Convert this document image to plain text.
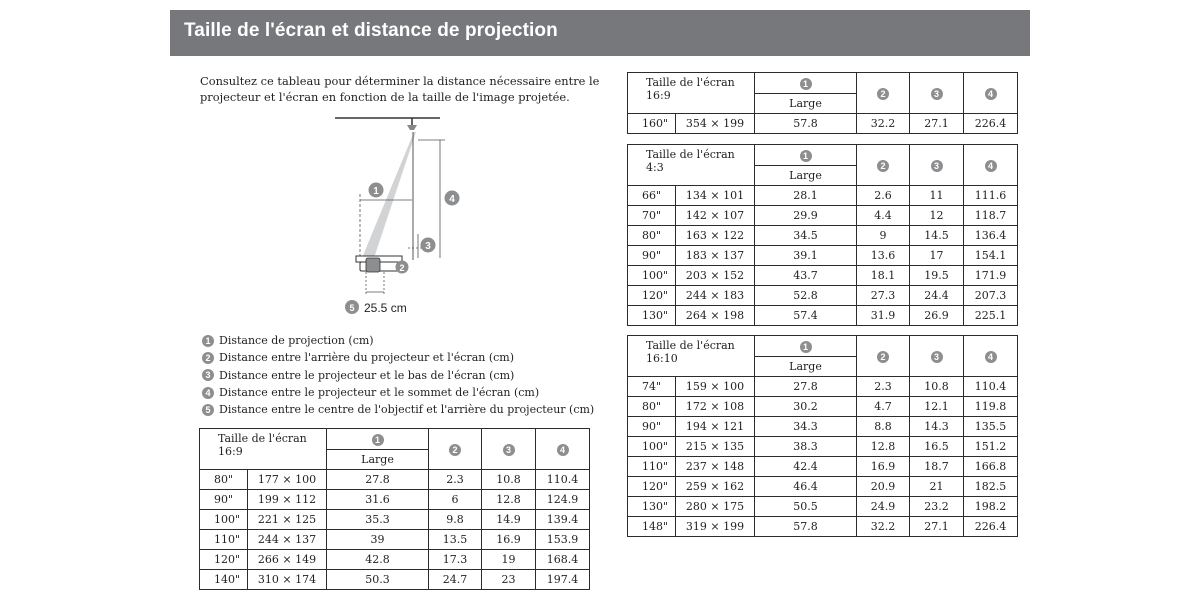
Taille de l'écran et distance de projection

Consultez ce tableau pour déterminer la distance nécessaire entre le projecteur et l'écran en fonction de la taille de l'image projetée.

1
4
3
2
5 25.5 cm
1 Distance de projection (cm)
2 Distance entre l'arrière du projecteur et l'écran (cm)
3 Distance entre le projecteur et le bas de l'écran (cm)
4 Distance entre le projecteur et le sommet de l'écran (cm)
5 Distance entre le centre de l'objectif et l'arrière du projecteur (cm)
Taille de l'écran 16:9		1	2	3	4
		Large			
80"	177 × 100	27.8	2.3	10.8	110.4
90"	199 × 112	31.6	6	12.8	124.9
100"	221 × 125	35.3	9.8	14.9	139.4
110"	244 × 137	39	13.5	16.9	153.9
120"	266 × 149	42.8	17.3	19	168.4
140"	310 × 174	50.3	24.7	23	197.4
Taille de l'écran 16:9		1	2	3	4
		Large			
160"	354 × 199	57.8	32.2	27.1	226.4
Taille de l'écran 4:3		1	2	3	4
		Large			
66"	134 × 101	28.1	2.6	11	111.6
70"	142 × 107	29.9	4.4	12	118.7
80"	163 × 122	34.5	9	14.5	136.4
90"	183 × 137	39.1	13.6	17	154.1
100"	203 × 152	43.7	18.1	19.5	171.9
120"	244 × 183	52.8	27.3	24.4	207.3
130"	264 × 198	57.4	31.9	26.9	225.1
Taille de l'écran 16:10		1	2	3	4
		Large			
74"	159 × 100	27.8	2.3	10.8	110.4
80"	172 × 108	30.2	4.7	12.1	119.8
90"	194 × 121	34.3	8.8	14.3	135.5
100"	215 × 135	38.3	12.8	16.5	151.2
110"	237 × 148	42.4	16.9	18.7	166.8
120"	259 × 162	46.4	20.9	21	182.5
130"	280 × 175	50.5	24.9	23.2	198.2
148"	319 × 199	57.8	32.2	27.1	226.4
